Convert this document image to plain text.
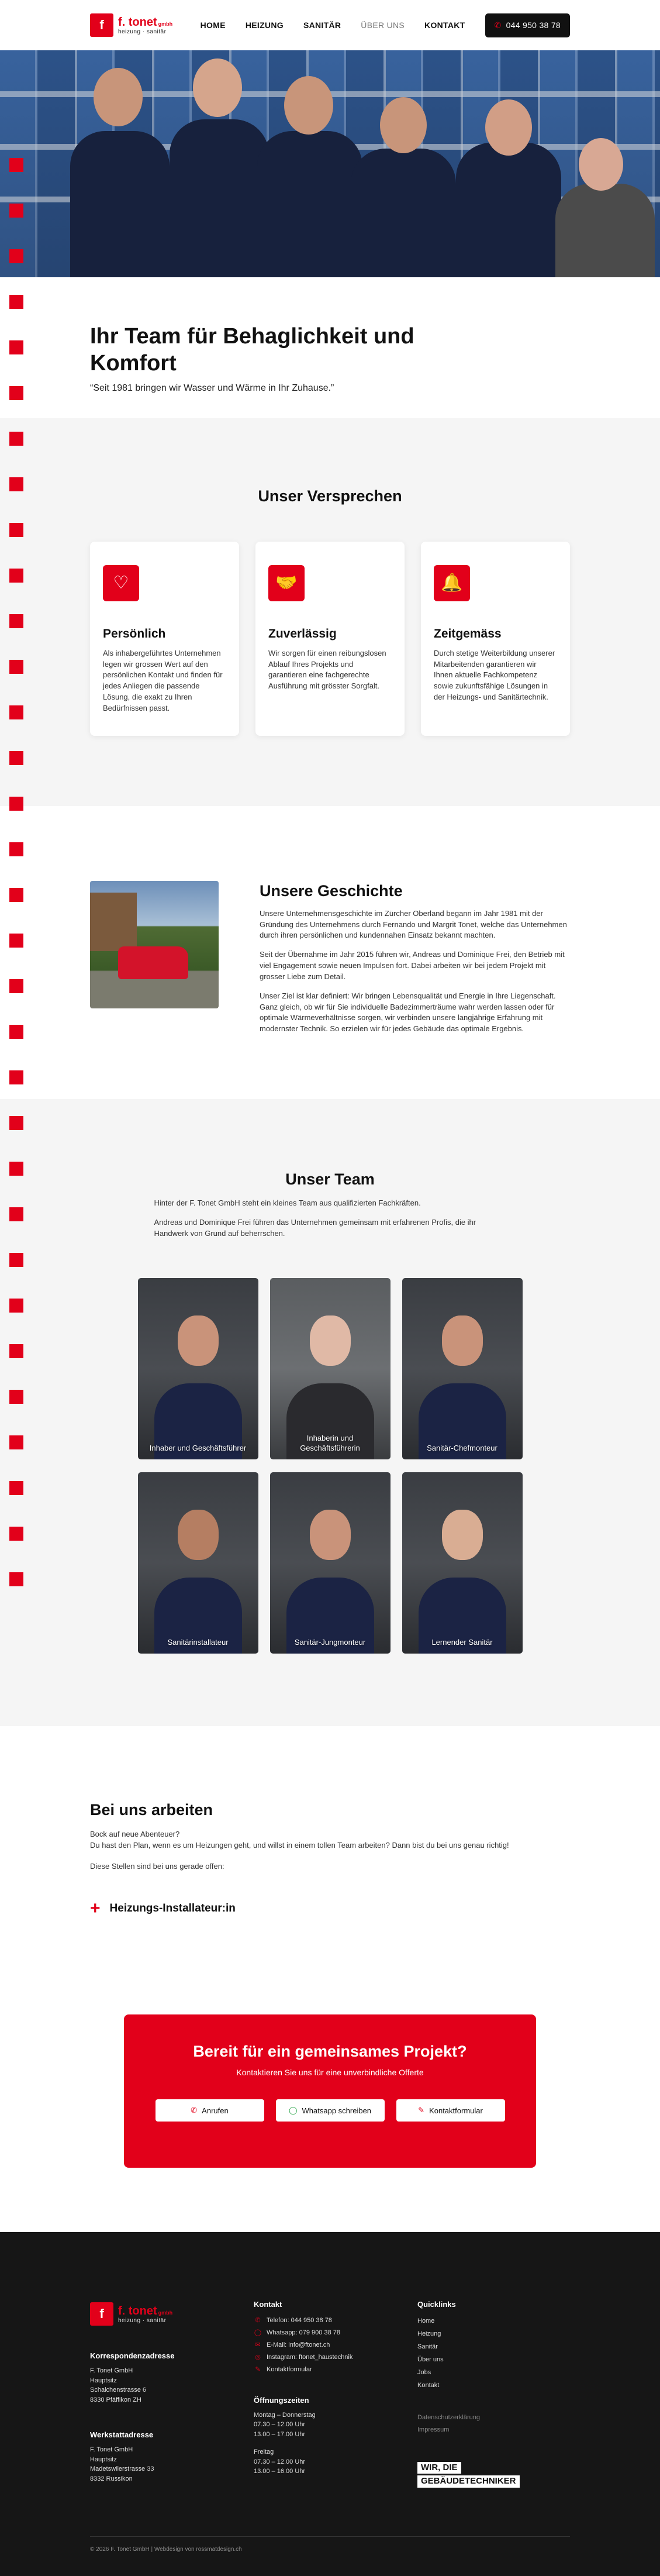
f	f. tonet gmbh
heizung · sanitär
HOME HEIZUNG SANITÄR ÜBER UNS KONTAKT	✆ 044 950 38 78
Ihr Team für Behaglichkeit und Komfort

“Seit 1981 bringen wir Wasser und Wärme in Ihr Zuhause.”

Unser Versprechen
♡
Persönlich

Als inhabergeführtes Unternehmen legen wir grossen Wert auf den persönlichen Kontakt und finden für jedes Anliegen die passende Lösung, die exakt zu Ihren Bedürfnissen passt.

🤝
Zuverlässig

Wir sorgen für einen reibungslosen Ablauf Ihres Projekts und garantieren eine fachgerechte Ausführung mit grösster Sorgfalt.

🔔
Zeitgemäss

Durch stetige Weiterbildung unserer Mitarbeitenden garantieren wir Ihnen aktuelle Fachkompetenz sowie zukunftsfähige Lösungen in der Heizungs- und Sanitärtechnik.

Unsere Geschichte

Unsere Unternehmensgeschichte im Zürcher Oberland begann im Jahr 1981 mit der Gründung des Unternehmens durch Fernando und Margrit Tonet, welche das Unternehmen durch ihren persönlichen und kundennahen Einsatz bekannt machten.

Seit der Übernahme im Jahr 2015 führen wir, Andreas und Dominique Frei, den Betrieb mit viel Engagement sowie neuen Impulsen fort. Dabei arbeiten wir bei jedem Projekt mit grosser Liebe zum Detail.

Unser Ziel ist klar definiert: Wir bringen Lebensqualität und Energie in Ihre Liegenschaft. Ganz gleich, ob wir für Sie individuelle Badezimmerträume wahr werden lassen oder für optimale Wärmeverhältnisse sorgen, wir verbinden unsere langjährige Erfahrung mit modernster Technik. So erzielen wir für jedes Gebäude das optimale Ergebnis.

Unser Team

Hinter der F. Tonet GmbH steht ein kleines Team aus qualifizierten Fachkräften.

Andreas und Dominique Frei führen das Unternehmen gemeinsam mit erfahrenen Profis, die ihr Handwerk von Grund auf beherrschen.

Inhaber und Geschäftsführer
Inhaberin und Geschäftsführerin	Sanitär-Chefmonteur
Sanitärinstallateur	Sanitär-Jungmonteur	Lernender Sanitär
Bei uns arbeiten

Bock auf neue Abenteuer?

Du hast den Plan, wenn es um Heizungen geht, und willst in einem tollen Team arbeiten? Dann bist du bei uns genau richtig!

Diese Stellen sind bei uns gerade offen:

+ Heizungs-Installateur:in
Bereit für ein gemeinsames Projekt?

Kontaktieren Sie uns für eine unverbindliche Offerte

✆ Anrufen	◯ Whatsapp schreiben	✎ Kontaktformular
f	f. tonet gmbh
heizung · sanitär
Korrespondenzadresse
F. Tonet GmbH
Hauptsitz
Schalchenstrasse 6
8330 Pfäffikon ZH
Werkstattadresse
F. Tonet GmbH
Hauptsitz
Madetswilerstrasse 33
8332 Russikon
Kontakt
✆ Telefon: 044 950 38 78
◯ Whatsapp: 079 900 38 78
✉ E-Mail: info@ftonet.ch
◎ Instagram: ftonet_haustechnik
✎ Kontaktformular
Öffnungszeiten
Montag – Donnerstag
07.30 – 12.00 Uhr
13.00 – 17.00 Uhr
Freitag
07.30 – 12.00 Uhr
13.00 – 16.00 Uhr
Quicklinks
Home
Heizung
Sanitär
Über uns
Jobs
Kontakt
Datenschutzerklärung
Impressum
WIR, DIE
GEBÄUDETECHNIKER
© 2026 F. Tonet GmbH | Webdesign von rossmatdesign.ch
